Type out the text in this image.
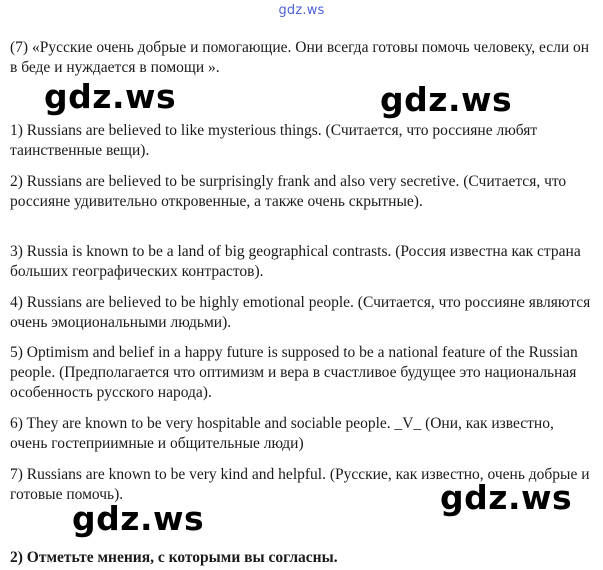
gdz.ws

(7) «Русские очень добрые и помогающие. Они всегда готовы помочь человеку, если он в беде и нуждается в помощи ».

1) Russians are believed to like mysterious things. (Считается, что россияне любят таинственные вещи).

2) Russians are believed to be surprisingly frank and also very secretive. (Считается, что россияне удивительно откровенные, а также очень скрытные).

3) Russia is known to be a land of big geographical contrasts. (Россия известна как страна больших географических контрастов).

4) Russians are believed to be highly emotional people. (Считается, что россияне являются очень эмоциональными людьми).

5) Optimism and belief in a happy future is supposed to be a national feature of the Russian people. (Предполагается что оптимизм и вера в счастливое будущее это национальная особенность русского народа).

6) They are known to be very hospitable and sociable people. _V_ (Они, как известно, очень гостеприимные и общительные люди)

7) Russians are known to be very kind and helpful. (Русские, как известно, очень добрые и готовые помочь).

2) Отметьте мнения, с которыми вы согласны.

gdz.ws	gdz.ws
gdz.ws
gdz.ws
